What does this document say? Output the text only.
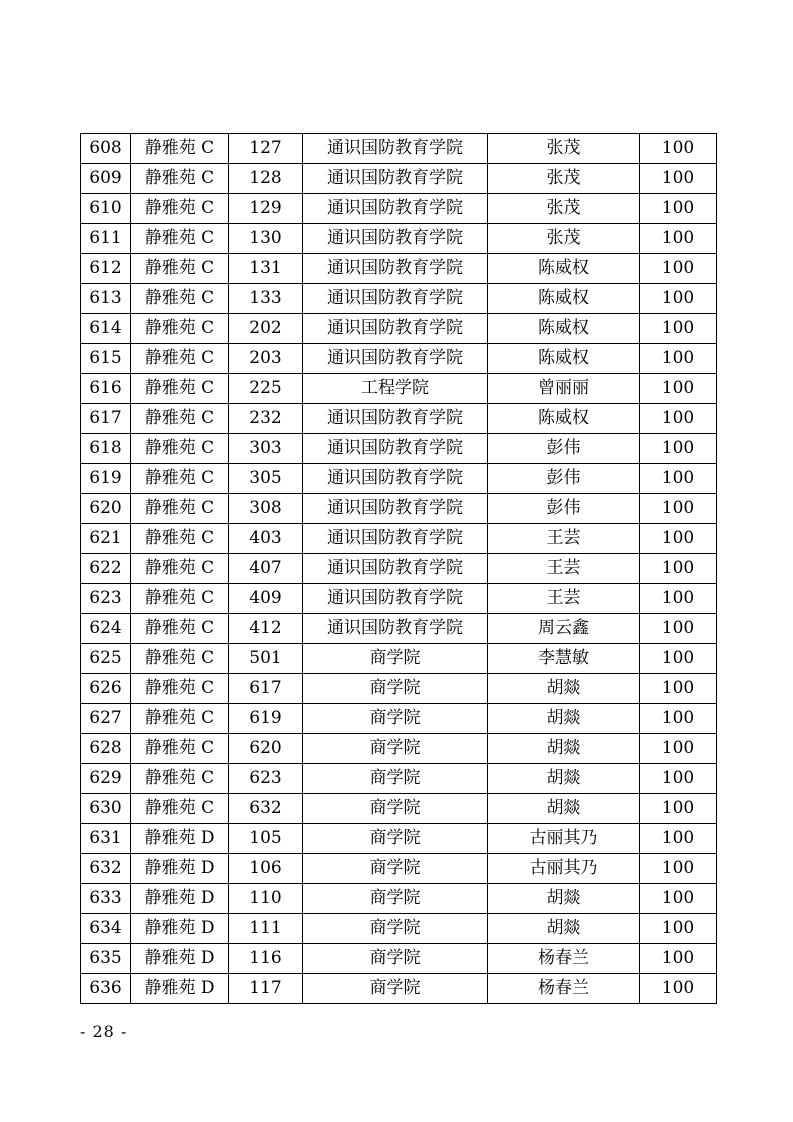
608	静雅苑 C	127	通识国防教育学院	张茂	100
609	静雅苑 C	128	通识国防教育学院	张茂	100
610	静雅苑 C	129	通识国防教育学院	张茂	100
611	静雅苑 C	130	通识国防教育学院	张茂	100
612	静雅苑 C	131	通识国防教育学院	陈威权	100
613	静雅苑 C	133	通识国防教育学院	陈威权	100
614	静雅苑 C	202	通识国防教育学院	陈威权	100
615	静雅苑 C	203	通识国防教育学院	陈威权	100
616	静雅苑 C	225	工程学院	曾丽丽	100
617	静雅苑 C	232	通识国防教育学院	陈威权	100
618	静雅苑 C	303	通识国防教育学院	彭伟	100
619	静雅苑 C	305	通识国防教育学院	彭伟	100
620	静雅苑 C	308	通识国防教育学院	彭伟	100
621	静雅苑 C	403	通识国防教育学院	王芸	100
622	静雅苑 C	407	通识国防教育学院	王芸	100
623	静雅苑 C	409	通识国防教育学院	王芸	100
624	静雅苑 C	412	通识国防教育学院	周云鑫	100
625	静雅苑 C	501	商学院	李慧敏	100
626	静雅苑 C	617	商学院	胡燚	100
627	静雅苑 C	619	商学院	胡燚	100
628	静雅苑 C	620	商学院	胡燚	100
629	静雅苑 C	623	商学院	胡燚	100
630	静雅苑 C	632	商学院	胡燚	100
631	静雅苑 D	105	商学院	古丽其乃	100
632	静雅苑 D	106	商学院	古丽其乃	100
633	静雅苑 D	110	商学院	胡燚	100
634	静雅苑 D	111	商学院	胡燚	100
635	静雅苑 D	116	商学院	杨春兰	100
636	静雅苑 D	117	商学院	杨春兰	100
- 28 -
